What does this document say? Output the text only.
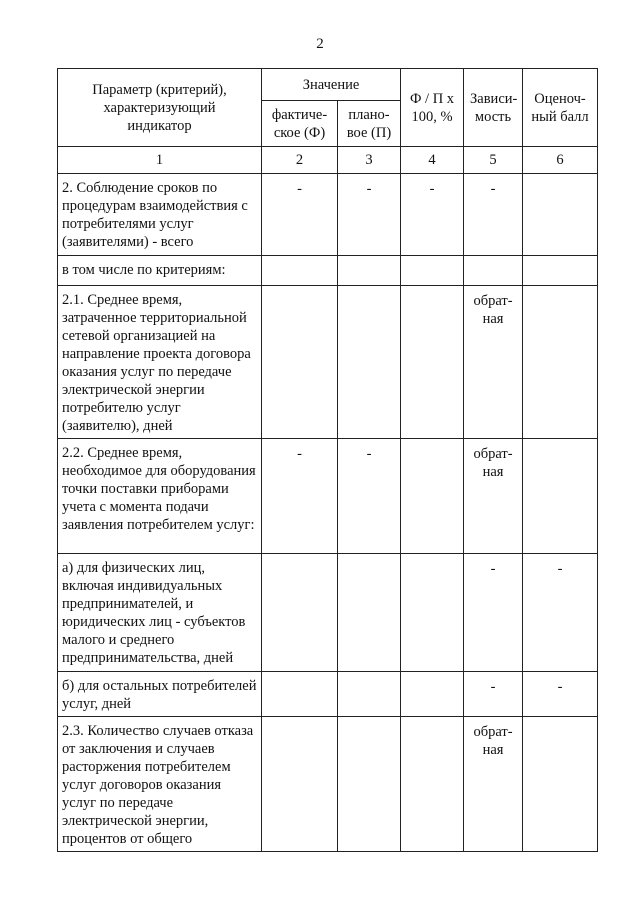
2
Параметр (критерий), характеризующий индикатор	Значение		Ф / П х 100, %	Зависи-мость	Оценоч-ный балл
	фактиче-ское (Ф)	плано-вое (П)			
1	2	3	4	5	6
2. Соблюдение сроков по процедурам взаимодействия с потребителями услуг (заявителями) - всего	-	-	-	-	
в том числе по критериям:					
2.1. Среднее время, затраченное территориальной сетевой организацией на направление проекта договора оказания услуг по передаче электрической энергии потребителю услуг (заявителю), дней				обрат-ная	
2.2. Среднее время, необходимое для оборудования точки поставки приборами учета с момента подачи заявления потребителем услуг:	-	-		обрат-ная	
а) для физических лиц, включая индивидуальных предпринимателей, и юридических лиц - субъектов малого и среднего предпринимательства, дней				-	-
б) для остальных потребителей услуг, дней				-	-
2.3. Количество случаев отказа от заключения и случаев расторжения потребителем услуг договоров оказания услуг по передаче электрической энергии, процентов от общего				обрат-ная	
